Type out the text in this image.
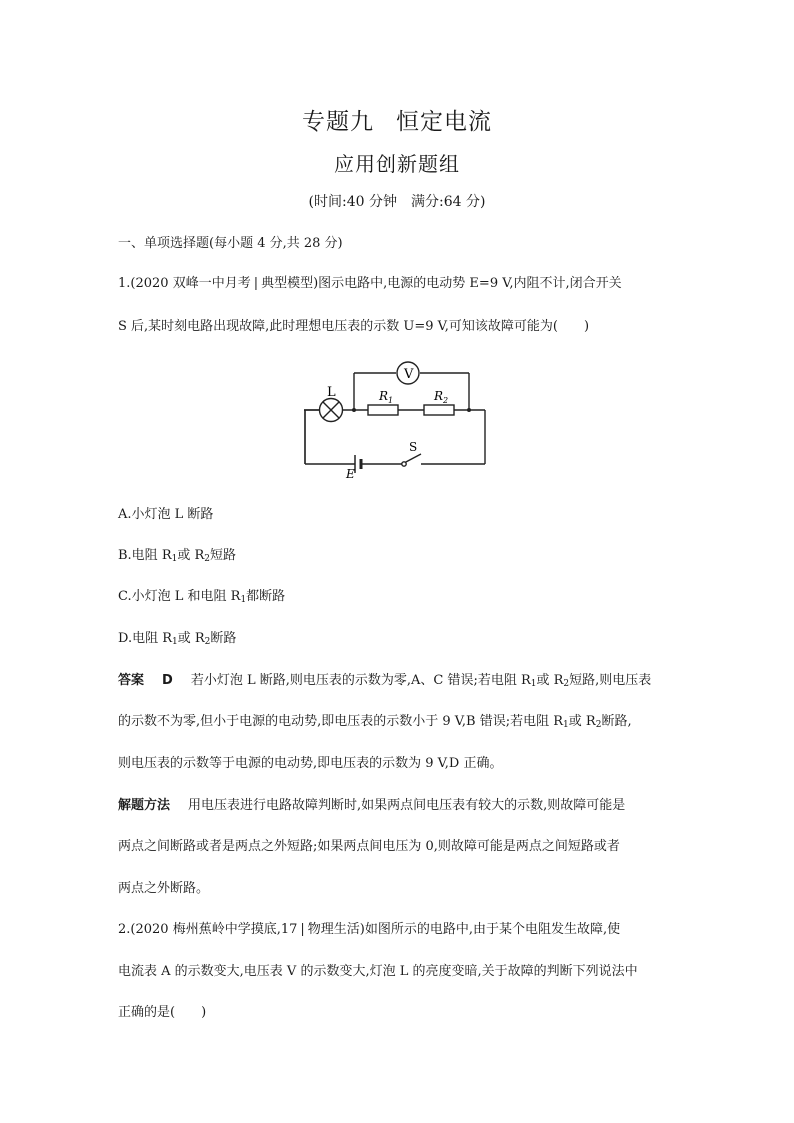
专题九 恒定电流
应用创新题组
(时间:40 分钟 满分:64 分)
一、单项选择题(每小题 4 分,共 28 分)
1.(2020 双峰一中月考 | 典型模型)图示电路中,电源的电动势 E=9 V,内阻不计,闭合开关
S 后,某时刻电路出现故障,此时理想电压表的示数 U=9 V,可知该故障可能为(　　)
V
L	$R_1$	$R_2$
S
E
A.小灯泡 L 断路
B.电阻 $R_1$或 $R_2$短路
C.小灯泡 L 和电阻 $R_1$都断路
D.电阻 $R_1$或 $R_2$断路
答案 D 若小灯泡 L 断路,则电压表的示数为零,A、C 错误;若电阻 $R_1$或 $R_2$短路,则电压表
的示数不为零,但小于电源的电动势,即电压表的示数小于 9 V,B 错误;若电阻 $R_1$或 $R_2$断路,
则电压表的示数等于电源的电动势,即电压表的示数为 9 V,D 正确。
解题方法 用电压表进行电路故障判断时,如果两点间电压表有较大的示数,则故障可能是
两点之间断路或者是两点之外短路;如果两点间电压为 0,则故障可能是两点之间短路或者
两点之外断路。
2.(2020 梅州蕉岭中学摸底,17 | 物理生活)如图所示的电路中,由于某个电阻发生故障,使
电流表 A 的示数变大,电压表 V 的示数变大,灯泡 L 的亮度变暗,关于故障的判断下列说法中
正确的是(　　)
